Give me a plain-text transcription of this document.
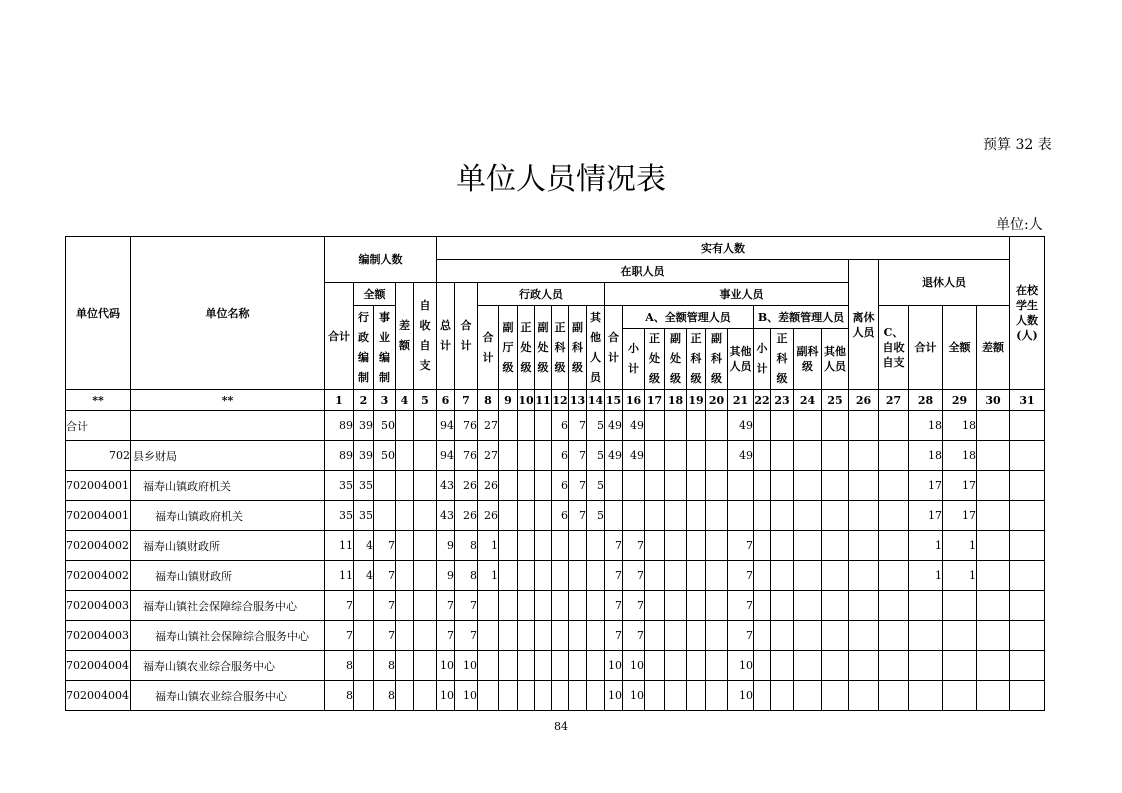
预算 32 表
单位人员情况表
单位:人
单位代码	单位名称	编制人数					实有人数																									在校学生人数(人)
							在职人员																				离休人员	退休人员				
		合计	全额		差额	自收自支	总计	合计	行政人员							事业人员																
			行政编制	事业编制					合计	副厅级	正处级	副处级	正科级	副科级	其他人员	合计	A、全额管理人员						B、差额管理人员					C、自收自支	合计	全额	差额	
																	小计	正处级	副处级	正科级	副科级	其他人员	小计	正科级	副科级	其他人员						

**	**	1	2	3	4	5	6	7	8	9	10	11	12	13	14	15	16	17	18	19	20	21	22	23	24	25	26	27	28	29	30	31
合计		89	39	50			94	76	27				6	7	5	49	49					49							18	18		
702	县乡财局	89	39	50			94	76	27				6	7	5	49	49					49							18	18		
702004001	福寿山镇政府机关	35	35				43	26	26				6	7	5														17	17		
702004001	福寿山镇政府机关	35	35				43	26	26				6	7	5														17	17		
702004002	福寿山镇财政所	11	4	7			9	8	1							7	7					7							1	1		
702004002	福寿山镇财政所	11	4	7			9	8	1							7	7					7							1	1		
702004003	福寿山镇社会保障综合服务中心	7		7			7	7								7	7					7										
702004003	福寿山镇社会保障综合服务中心	7		7			7	7								7	7					7										
702004004	福寿山镇农业综合服务中心	8		8			10	10								10	10					10										
702004004	福寿山镇农业综合服务中心	8		8			10	10								10	10					10										
84
